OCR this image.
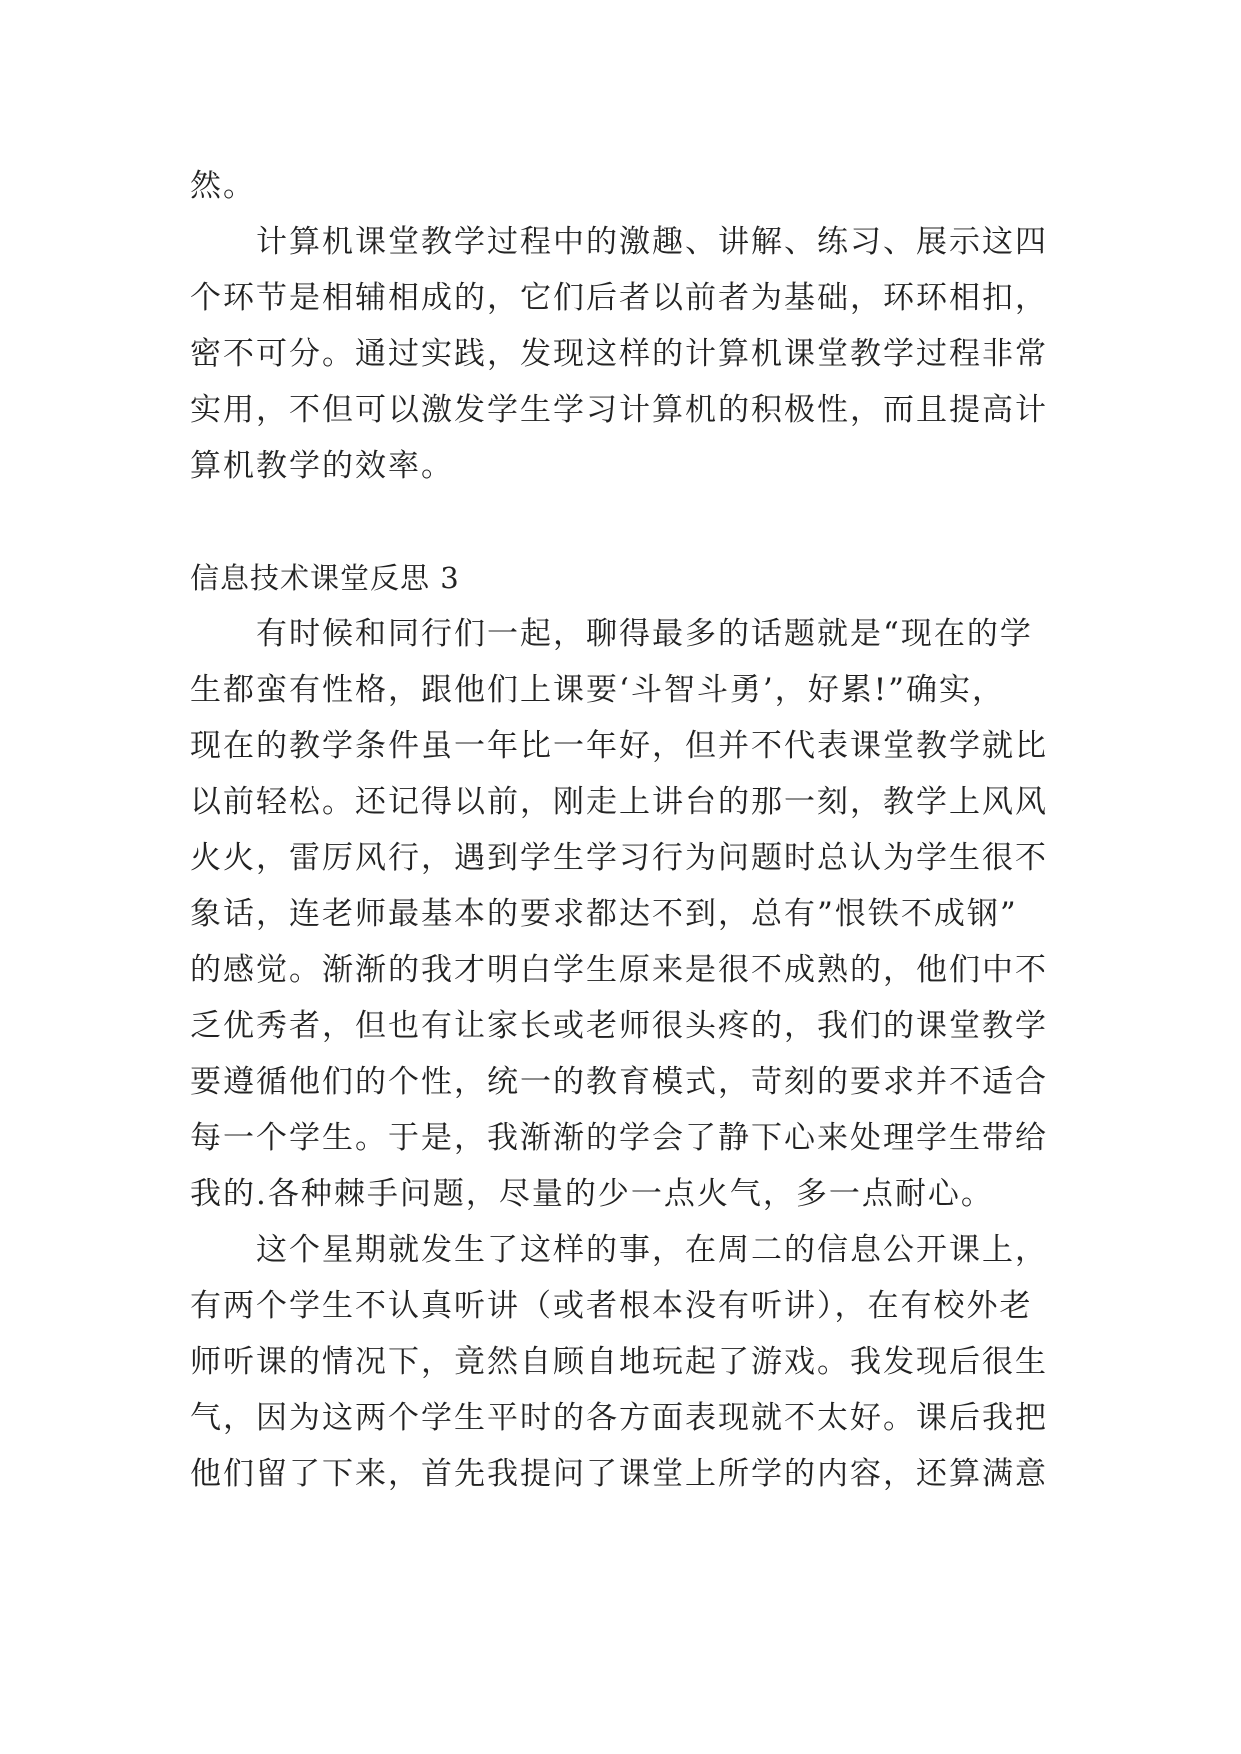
然。
计算机课堂教学过程中的激趣、讲解、练习、展示这四
个环节是相辅相成的，它们后者以前者为基础，环环相扣，
密不可分。通过实践，发现这样的计算机课堂教学过程非常
实用，不但可以激发学生学习计算机的积极性，而且提高计
算机教学的效率。
信息技术课堂反思 3
有时候和同行们一起，聊得最多的话题就是“现在的学
生都蛮有性格，跟他们上课要‘斗智斗勇’，好累!”确实，
现在的教学条件虽一年比一年好，但并不代表课堂教学就比
以前轻松。还记得以前，刚走上讲台的那一刻，教学上风风
火火，雷厉风行，遇到学生学习行为问题时总认为学生很不
象话，连老师最基本的要求都达不到，总有”恨铁不成钢”
的感觉。渐渐的我才明白学生原来是很不成熟的，他们中不
乏优秀者，但也有让家长或老师很头疼的，我们的课堂教学
要遵循他们的个性，统一的教育模式，苛刻的要求并不适合
每一个学生。于是，我渐渐的学会了静下心来处理学生带给
我的.各种棘手问题，尽量的少一点火气，多一点耐心。
这个星期就发生了这样的事，在周二的信息公开课上，
有两个学生不认真听讲（或者根本没有听讲），在有校外老
师听课的情况下，竟然自顾自地玩起了游戏。我发现后很生
气，因为这两个学生平时的各方面表现就不太好。课后我把
他们留了下来，首先我提问了课堂上所学的内容，还算满意
